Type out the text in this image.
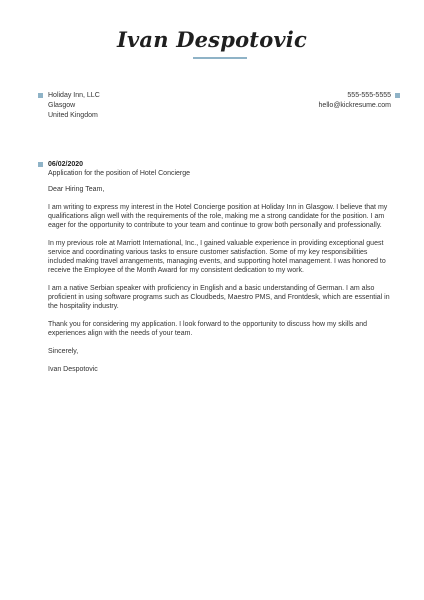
Ivan Despotovic
Holiday Inn, LLC
Glasgow
United Kingdom
555-555-5555
hello@kickresume.com
06/02/2020
Application for the position of Hotel Concierge

Dear Hiring Team,

I am writing to express my interest in the Hotel Concierge position at Holiday Inn in Glasgow. I believe that my
qualifications align well with the requirements of the role, making me a strong candidate for the position. I am
eager for the opportunity to contribute to your team and continue to grow both personally and professionally.

In my previous role at Marriott International, Inc., I gained valuable experience in providing exceptional guest
service and coordinating various tasks to ensure customer satisfaction. Some of my key responsibilities
included making travel arrangements, managing events, and supporting hotel management. I was honored to
receive the Employee of the Month Award for my consistent dedication to my work.

I am a native Serbian speaker with proficiency in English and a basic understanding of German. I am also
proficient in using software programs such as Cloudbeds, Maestro PMS, and Frontdesk, which are essential in
the hospitality industry.

Thank you for considering my application. I look forward to the opportunity to discuss how my skills and
experiences align with the needs of your team.

Sincerely,

Ivan Despotovic
